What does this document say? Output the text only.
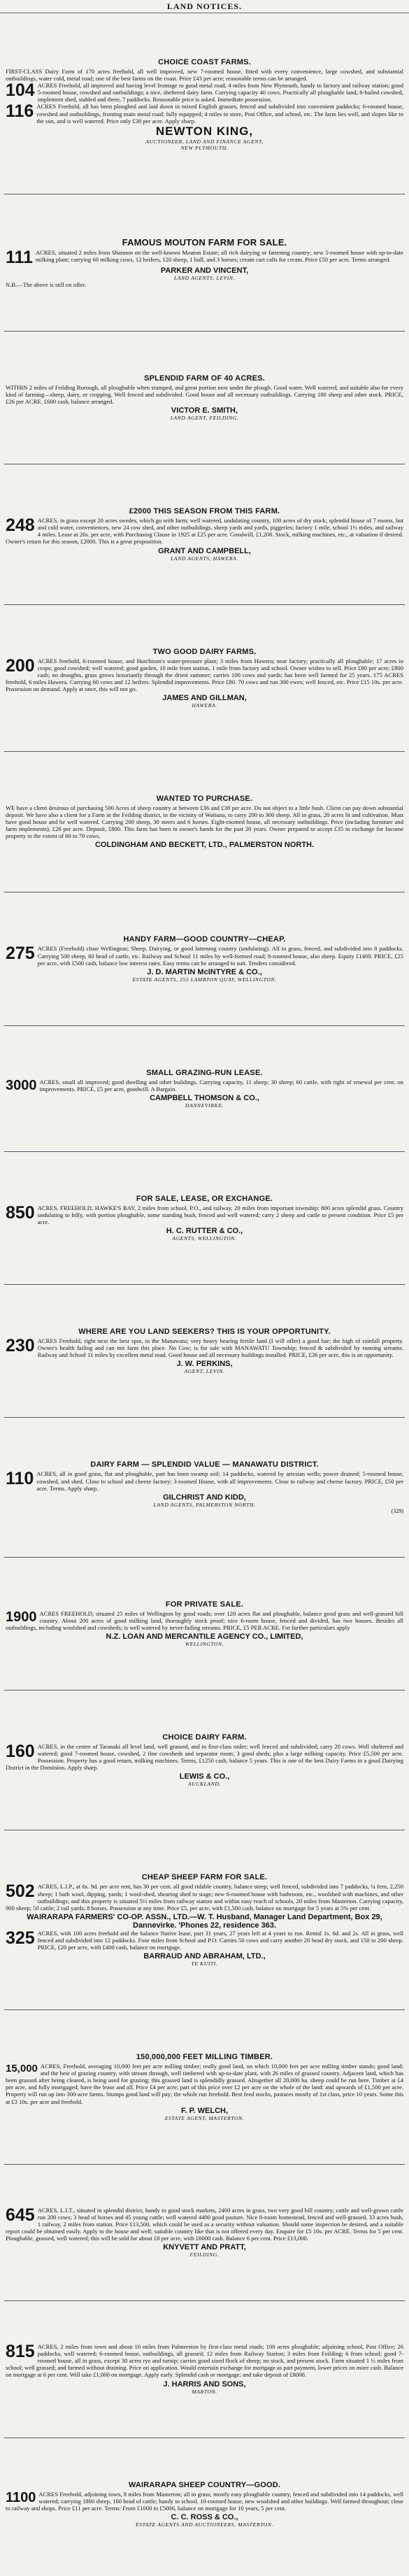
LAND NOTICES.
CHOICE COAST FARMS.
FIRST-CLASS Dairy Farm of 170 acres freehold, all well improved, new 7-roomed house, fitted with every convenience, large cowshed, and substantial outbuildings, water cold, metal road; one of the best farms on the coast. Price £43 per acre; reasonable terms can be arranged.
104 ACRES Freehold, all improved and having level frontage to good metal road, 4 miles from New Plymouth, handy to factory and railway station; good 5-roomed house, cowshed and outbuildings; a nice, sheltered dairy farm. Carrying capacity 40 cows. Practically all ploughable land, 8-bailed cowshed, implement shed, stabled and three, 7 paddocks. Reasonable price is asked. Immediate possession.
116 ACRES Freehold, all has been ploughed and laid down in mixed English grasses, fenced and subdivided into convenient paddocks; 6-roomed house, cowshed and outbuildings, fronting main metal road; fully equipped; 4 miles to store, Post Office, and school, etc. The farm lies well, and slopes like to the sun, and is well watered. Price only £38 per acre. Apply sharp.
NEWTON KING,
AUCTIONEER, LAND AND FINANCE AGENT,
NEW PLYMOUTH.
FAMOUS MOUTON FARM FOR SALE.
111 ACRES, situated 2 miles from Shannon on the well-known Mouton Estate; all rich dairying or fattening country; new 5-roomed house with up-to-date milking plant; carrying 60 milking cows, 12 heifers, 120 sheep, 1 bull, and 3 horses; cream cart calls for cream. Price £50 per acre. Terms arranged.
PARKER AND VINCENT,
LAND AGENTS, LEVIN.
N.B.—The above is still on offer.
SPLENDID FARM OF 40 ACRES.
WITHIN 2 miles of Feilding Borough, all ploughable when stumped, and great portion now under the plough. Good water. Well watered, and suitable also for every kind of farming—sheep, dairy, or cropping. Well fenced and subdivided. Good house and all necessary outbuildings. Carrying 180 sheep and other stock. PRICE, £26 per ACRE. £600 cash, balance arranged.
VICTOR E. SMITH,
LAND AGENT, FEILDING.
£2000 THIS SEASON FROM THIS FARM.
248 ACRES, in grass except 20 acres swedes, which go with farm; well watered, undulating country, 100 acres of dry stock; splendid house of 7 rooms, hot and cold water, conveniences, new 24 cow shed, and other outbuildings, sheep yards and yards, piggeries; factory 1 mile, school 1½ miles, and railway 4 miles. Lease at 26s. per acre, with Purchasing Clause in 1925 at £25 per acre. Goodwill, £1,200. Stock, milking machines, etc., at valuation if desired. Owner's return for this season, £2000. This is a great proposition.
GRANT AND CAMPBELL,
LAND AGENTS, HAWERA.
TWO GOOD DAIRY FARMS.
200 ACRES freehold, 6-roomed house, and Hutchison's water-pressure plant; 3 miles from Hawera; near factory; practically all ploughable; 17 acres in crops; good cowshed; well watered; good garden, 10 mile from station, 1 mile from factory and school. Owner wishes to sell. Price £80 per acre; £800 cash; no droughts, grass grows luxuriantly through the driest summer; carries 100 cows and yards; has been well farmed for 25 years. 175 ACRES freehold, 6 miles Hawera. Carrying 60 cows and 12 heifers. Splendid improvements. Price £80. 70 cows and run 300 ewes; well fenced, etc. Price £15 10s. per acre. Possession on demand. Apply at once, this will not go.
JAMES AND GILLMAN,
HAWERA.
WANTED TO PURCHASE.
WE have a client desirous of purchasing 500 Acres of sheep country at between £36 and £38 per acre. Do not object to a little bush. Client can pay down substantial deposit. We have also a client for a Farm in the Feilding district, in the vicinity of Waituna, to carry 200 to 300 sheep. All in grass, 20 acres lit and cultivation. Must have good house and be well watered. Carrying 200 sheep, 30 steers and 6 horses. Eight-roomed house, all necessary outbuildings. Price (including furniture and farm implements), £28 per acre. Deposit, £800. This farm has been in owner's hands for the past 20 years. Owner prepared to accept £35 in exchange for Income property to the extent of 60 to 70 cows.
COLDINGHAM AND BECKETT, LTD., PALMERSTON NORTH.
HANDY FARM—GOOD COUNTRY—CHEAP.
275 ACRES (Freehold) close Wellington; Sheep, Dairying, or good fattening country (undulating). All in grass, fenced, and subdivided into 8 paddocks. Carrying 500 sheep, 60 head of cattle, etc. Railway and School 11 miles by well-formed road; 8-roomed house, also sheep. Equity £1400. PRICE, £25 per acre, with £500 cash, balance low interest rates. Easy terms can be arranged to suit. Tenders considered.
J. D. MARTIN McINTYRE & CO.,
ESTATE AGENTS, 255 LAMBTON QUAY, WELLINGTON.
SMALL GRAZING-RUN LEASE.
3000 ACRES, small all improved; good dwelling and other buildings. Carrying capacity, 11 sheep; 30 sheep; 60 cattle, with right of renewal per cent. on improvements. PRICE, £5 per acre, goodwill. A Bargain.
CAMPBELL THOMSON & CO.,
DANNEVIRKE.
FOR SALE, LEASE, OR EXCHANGE.
850 ACRES, FREEHOLD, HAWKE'S BAY, 2 miles from school, P.O., and railway, 20 miles from important township; 800 acres splendid grass. Country undulating to hilly, with portion ploughable, some standing bush, fenced and well watered; carry 2 sheep and cattle to present condition. Price £5 per acre.
H. C. RUTTER & CO.,
AGENTS, WELLINGTON.
WHERE ARE YOU LAND SEEKERS? THIS IS YOUR OPPORTUNITY.
230 ACRES Freehold, right next the best spot, in the Manawatu; very heavy bearing fertile land (I will offer) a good bar; the high of rainfall property. Owner's health failing and can not farm this place. No Cow; is for sale with MANAWATU Township; fenced & subdivided by running streams. Railway and School 11 miles by excellent metal road. Good house and all necessary buildings installed. PRICE, £36 per acre, this is an opportunity.
J. W. PERKINS,
AGENT, LEVIN.
DAIRY FARM — SPLENDID VALUE — MANAWATU DISTRICT.
110 ACRES, all in good grass, flat and ploughable, part has been swamp soil; 14 paddocks, watered by artesian wells; power drained; 5-roomed house, cowshed, and shed. Close to school and cheese factory; 3-roomed House, with all improvements. Close to railway and cheese factory. PRICE, £50 per acre. Terms. Apply sharp.
GILCHRIST AND KIDD,
LAND AGENTS, PALMERSTON NORTH.
(329)
FOR PRIVATE SALE.
1900 ACRES FREEHOLD, situated 25 miles of Wellington by good roads; over 120 acres flat and ploughable, balance good grass and well-grassed hill country. About 200 acres of good milking land, thoroughly stock proof; nice 6-room house, fenced and divided, has two houses. Besides all outbuildings, including woolshed and cowsheds; is well watered by never-failing streams. PRICE, £5 PER ACRE. For further particulars apply
N.Z. LOAN AND MERCANTILE AGENCY CO., LIMITED,
WELLINGTON.
CHOICE DAIRY FARM.
160 ACRES, in the centre of Taranaki all level land, well grassed, and in first-class order; well fenced and subdivided; carry 20 cows. Well sheltered and watered; good 7-roomed house, cowshed, 2 fine cowsheds and separator room; 3 good sheds; plus a large milking capacity. Price £5,500 per acre. Possession. Property has a good return, milking machines. Terms, £1250 cash, balance 5 years. This is one of the best Dairy Farms in a good Dairying District in the Dominion. Apply sharp.
LEWIS & CO.,
AUCKLAND.
CHEAP SHEEP FARM FOR SALE.
502 ACRES, L.I.P., at 6s. 9d. per acre rent, has 30 per cent. all good ridable country, balance steep; well fenced, subdivided into 7 paddocks, ¼ fern, 2,250 sheep; 1 bath wool, dipping, yards; 1 wool-shed, shearing shed to stage; new 6-roomed house with bathroom, etc., woolshed with machines, and other outbuildings; and this property is situated 5½ miles from railway station and within easy reach of schools, 20 miles from Masterton. Carrying capacity, 900 sheep; 50 cattle; 2 rail yards; 8 horses. Possession at any time. Price £5, per acre, with £1,500 cash, balance on mortgage for 5 years at 5% per cent.
WAIRARAPA FARMERS' CO-OP. ASSN., LTD.—W. T. Husband, Manager Land Department, Box 29, Dannevirke. 'Phones 22, residence 363.
325 ACRES, with 100 acres freehold and the balance Native lease, part 31 years, 27 years left at 4 years to run. Rental 1s. 6d. and 2s. All in grass, well fenced and subdivided into 12 paddocks. Four miles from School and P.O. Carries 50 cows and carry another 20 head dry stock, and 150 to 200 sheep. PRICE, £20 per acre, with £400 cash, balance on mortgage.
BARRAUD AND ABRAHAM, LTD.,
TE KUITI.
150,000,000 FEET MILLING TIMBER.
15,000 ACRES, Freehold, averaging 10,000 feet per acre milling timber; really good land, on which 10,000 feet per acre milling timber stands; good land; and the best of grazing country, with stream through, well timbered with up-to-date plant, with 26 miles of grassed country. Adjacent land, which has been grassed after being cleared, is being used for grazing; this grassed land is splendidly grassed. Altogether all 20,000 ha. sheep could be run here. Timber at £4 per acre, and fully mortgaged; have the lease and all. Price £4 per acre; part of this price over £2 per acre on the whole of the land: and upwards of £1,500 per acre. Property will run up into 300-acre farms. Stumps good land will pay; the whole run freehold. Best feed stocks, pastures mostly of 1st class, price 10 years. Some this at £3 10s. per acre and freehold.
F. P. WELCH,
ESTATE AGENT, MASTERTON.
645 ACRES, L.I.T., situated in splendid district, handy to good stock markets, 2400 acres in grass, two very good hill country; cattle and well-grown cattle run 200 cows; 3 head of horses and 45 young cattle; well watered 4400 good pasture. Nice 8-room homestead, fenced and well-grassed, 33 acres bush, 1 railway, 2 miles from station. Price £13,500, which could be used as a security without valuation. Should some inspection be desired, and a suitable report could be obtained easily. Apply to the house and well; suitable country like that is not offered every day. Enquire for £5 10s. per ACRE. Terms for 5 per cent. Ploughable, grassed, well watered; this will be sold for about £8 per acre, with £6000 cash. Balance 6 per cent. Price £13,000.
KNYVETT AND PRATT,
FEILDING.
815 ACRES, 2 miles from town and about 10 miles from Palmerston by first-class metal roads; 100 acres ploughable; adjoining school, Post Office; 26 paddocks, well watered; 6-roomed house, outbuildings, all grassed; 12 miles from Railway Station; 3 miles from Feilding; 6 from school; good 7-roomed house, all in grass, except 30 acres rye and turnip; carries good sized flock of sheep; no stock, and present stock. Farm situated 1 ½ miles from school; well grassed; and farmed without draining. Price on application. Would entertain exchange for mortgage as part payment, lower prices on more cash. Balance on mortgage at 6 per cent. Will take £1,000 on mortgage. Apply early. Splendid cash or mortgage; and take deposit of £8000.
J. HARRIS AND SONS,
MARTON.
WAIRARAPA SHEEP COUNTRY—GOOD.
1100 ACRES Freehold, adjoining town, 8 miles from Masterton; all in grass; mostly easy ploughable country, fenced and subdivided into 14 paddocks, well watered; carrying 1800 sheep, 160 head of cattle; handy to school. 10-roomed house, new woolshed and other buildings. Well farmed throughout; close to railway and shops. Price £11 per acre. Terms: From £1000 to £5000, balance on mortgage for 10 years, 5 per cent.
C. C. ROSS & CO.,
ESTATE AGENTS AND AUCTIONEERS, MASTERTON.
